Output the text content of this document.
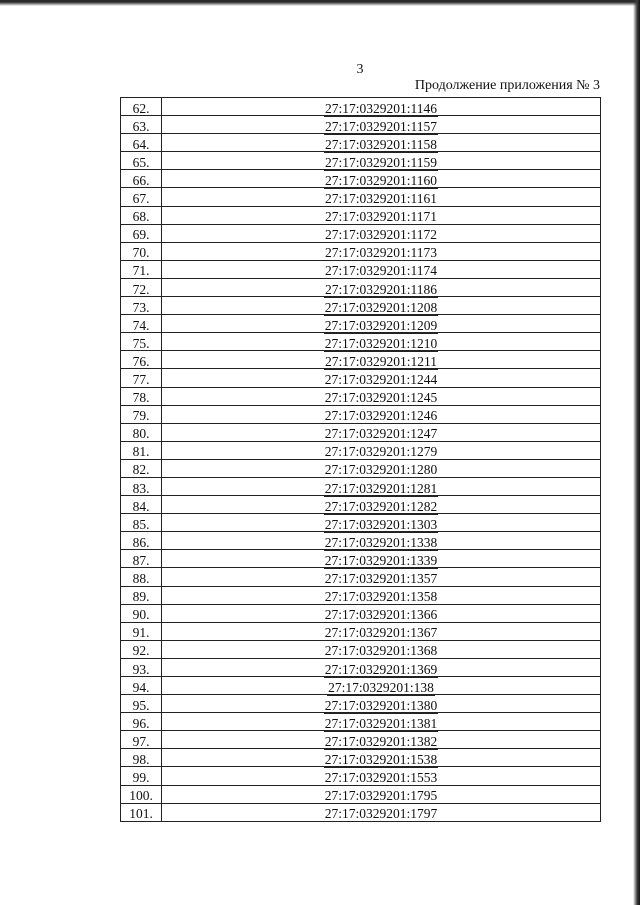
3
Продолжение приложения № 3
62.	27:17:0329201:1146
63.	27:17:0329201:1157
64.	27:17:0329201:1158
65.	27:17:0329201:1159
66.	27:17:0329201:1160
67.	27:17:0329201:1161
68.	27:17:0329201:1171
69.	27:17:0329201:1172
70.	27:17:0329201:1173
71.	27:17:0329201:1174
72.	27:17:0329201:1186
73.	27:17:0329201:1208
74.	27:17:0329201:1209
75.	27:17:0329201:1210
76.	27:17:0329201:1211
77.	27:17:0329201:1244
78.	27:17:0329201:1245
79.	27:17:0329201:1246
80.	27:17:0329201:1247
81.	27:17:0329201:1279
82.	27:17:0329201:1280
83.	27:17:0329201:1281
84.	27:17:0329201:1282
85.	27:17:0329201:1303
86.	27:17:0329201:1338
87.	27:17:0329201:1339
88.	27:17:0329201:1357
89.	27:17:0329201:1358
90.	27:17:0329201:1366
91.	27:17:0329201:1367
92.	27:17:0329201:1368
93.	27:17:0329201:1369
94.	27:17:0329201:138
95.	27:17:0329201:1380
96.	27:17:0329201:1381
97.	27:17:0329201:1382
98.	27:17:0329201:1538
99.	27:17:0329201:1553
100.	27:17:0329201:1795
101.	27:17:0329201:1797
